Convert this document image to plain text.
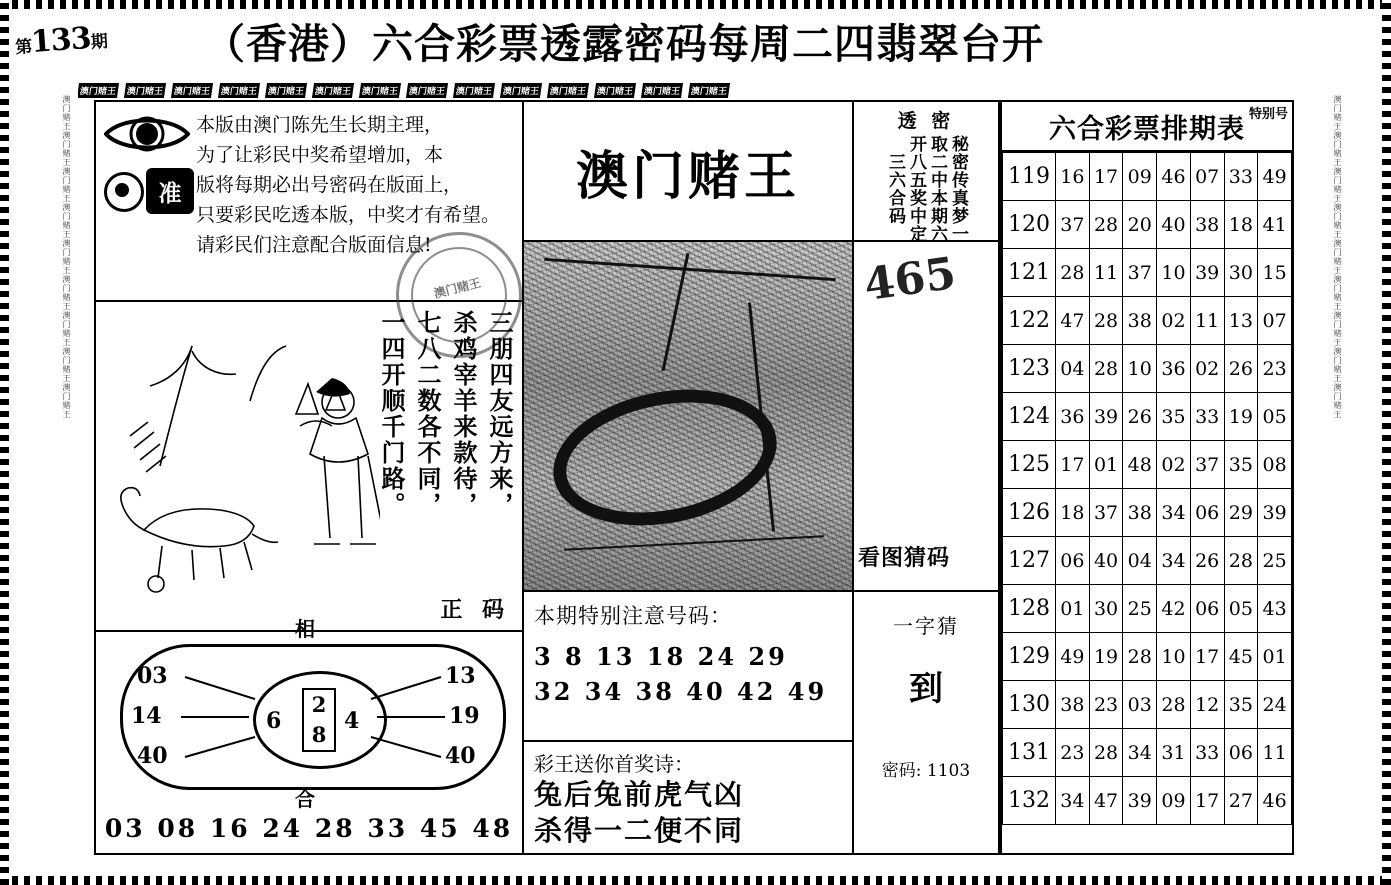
第133期 （香港）六合彩票透露密码每周二四翡翠台开
澳门赌王 澳门赌王 澳门赌王 澳门赌王 澳门赌王 澳门赌王 澳门赌王 澳门赌王 澳门赌王 澳门赌王 澳门赌王 澳门赌王 澳门赌王 澳门赌王
澳门赌王澳门赌王澳门赌王澳门赌王澳门赌王澳门赌王澳门赌王澳门赌王澳门赌王	澳门赌王澳门赌王澳门赌王澳门赌王澳门赌王澳门赌王澳门赌王澳门赌王澳门赌王
准
本版由澳门陈先生长期主理，
为了让彩民中奖希望增加，本
版将每期必出号密码在版面上，
只要彩民吃透本版，中奖才有希望。
请彩民们注意配合版面信息!
澳门赌王
三朋四友远方来，
杀鸡宰羊来款待，
七八二数各不同，
一四开顺千门路。
正 码
2
8
6	4
相
合
03
14
40
13
19
40
03 08 16 24 28 33 45 48
澳门赌王
本期特别注意号码：
3 8 13 18 24 29
32 34 38 40 42 49
彩王送你首奖诗：
兔后兔前虎气凶
杀得一二便不同
透 密
秘密传真梦一
取二中本期六
开八五奖中定
三六合码
465
看图猜码
一字猜
到
密码: 1103
六合彩票排期表 特别号
119	16	17	09	46	07	33	49
120	37	28	20	40	38	18	41
121	28	11	37	10	39	30	15
122	47	28	38	02	11	13	07
123	04	28	10	36	02	26	23
124	36	39	26	35	33	19	05
125	17	01	48	02	37	35	08
126	18	37	38	34	06	29	39
127	06	40	04	34	26	28	25
128	01	30	25	42	06	05	43
129	49	19	28	10	17	45	01
130	38	23	03	28	12	35	24
131	23	28	34	31	33	06	11
132	34	47	39	09	17	27	46
